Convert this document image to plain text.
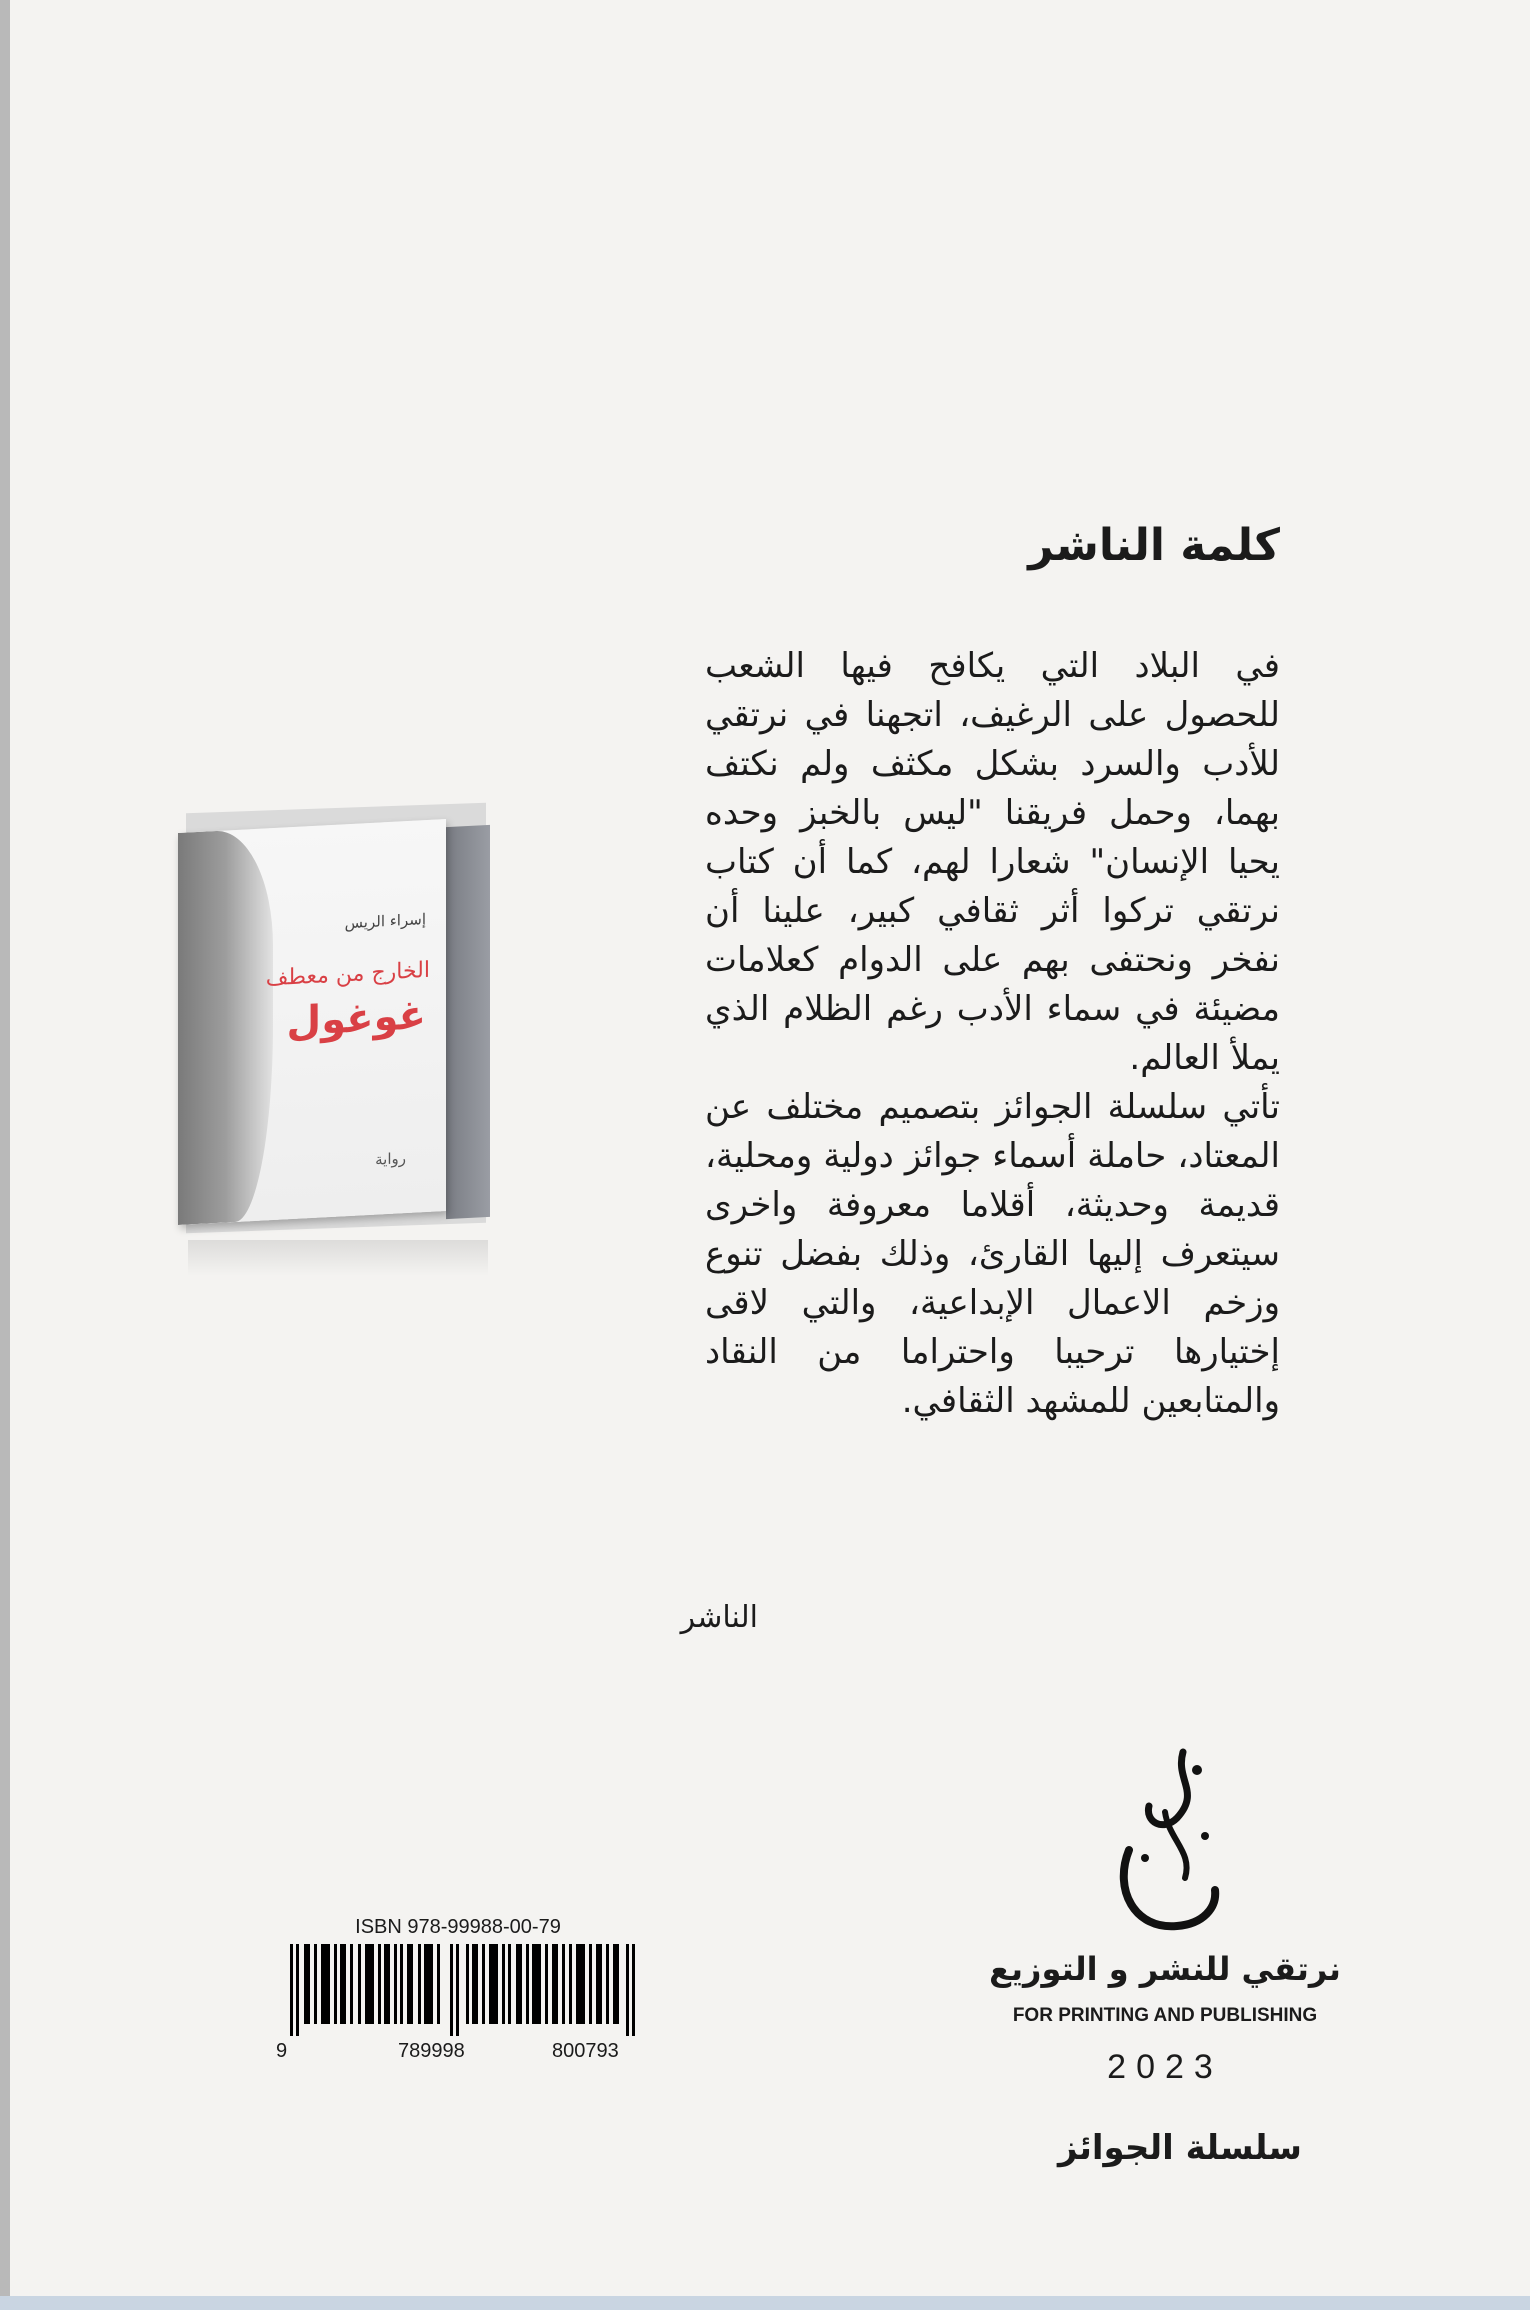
كلمة الناشر

في البلاد التي يكافح فيها الشعب للحصول على الرغيف، اتجهنا في نرتقي للأدب والسرد بشكل مكثف ولم نكتف بهما، وحمل فريقنا "ليس بالخبز وحده يحيا الإنسان" شعارا لهم، كما أن كتاب نرتقي تركوا أثر ثقافي كبير، علينا أن نفخر ونحتفى بهم على الدوام كعلامات مضيئة في سماء الأدب رغم الظلام الذي يملأ العالم.

تأتي سلسلة الجوائز بتصميم مختلف عن المعتاد، حاملة أسماء جوائز دولية ومحلية، قديمة وحديثة، أقلاما معروفة واخرى سيتعرف إليها القارئ، وذلك بفضل تنوع وزخم الاعمال الإبداعية، والتي لاقى إختيارها ترحيبا واحتراما من النقاد والمتابعين للمشهد الثقافي.

الناشر
إسراء الريس
الخارج من معطف
غوغول
رواية
ISBN 978-99988-00-79
9	789998	800793
نرتقي للنشر و التوزيع
FOR PRINTING AND PUBLISHING
2023
سلسلة الجوائز
